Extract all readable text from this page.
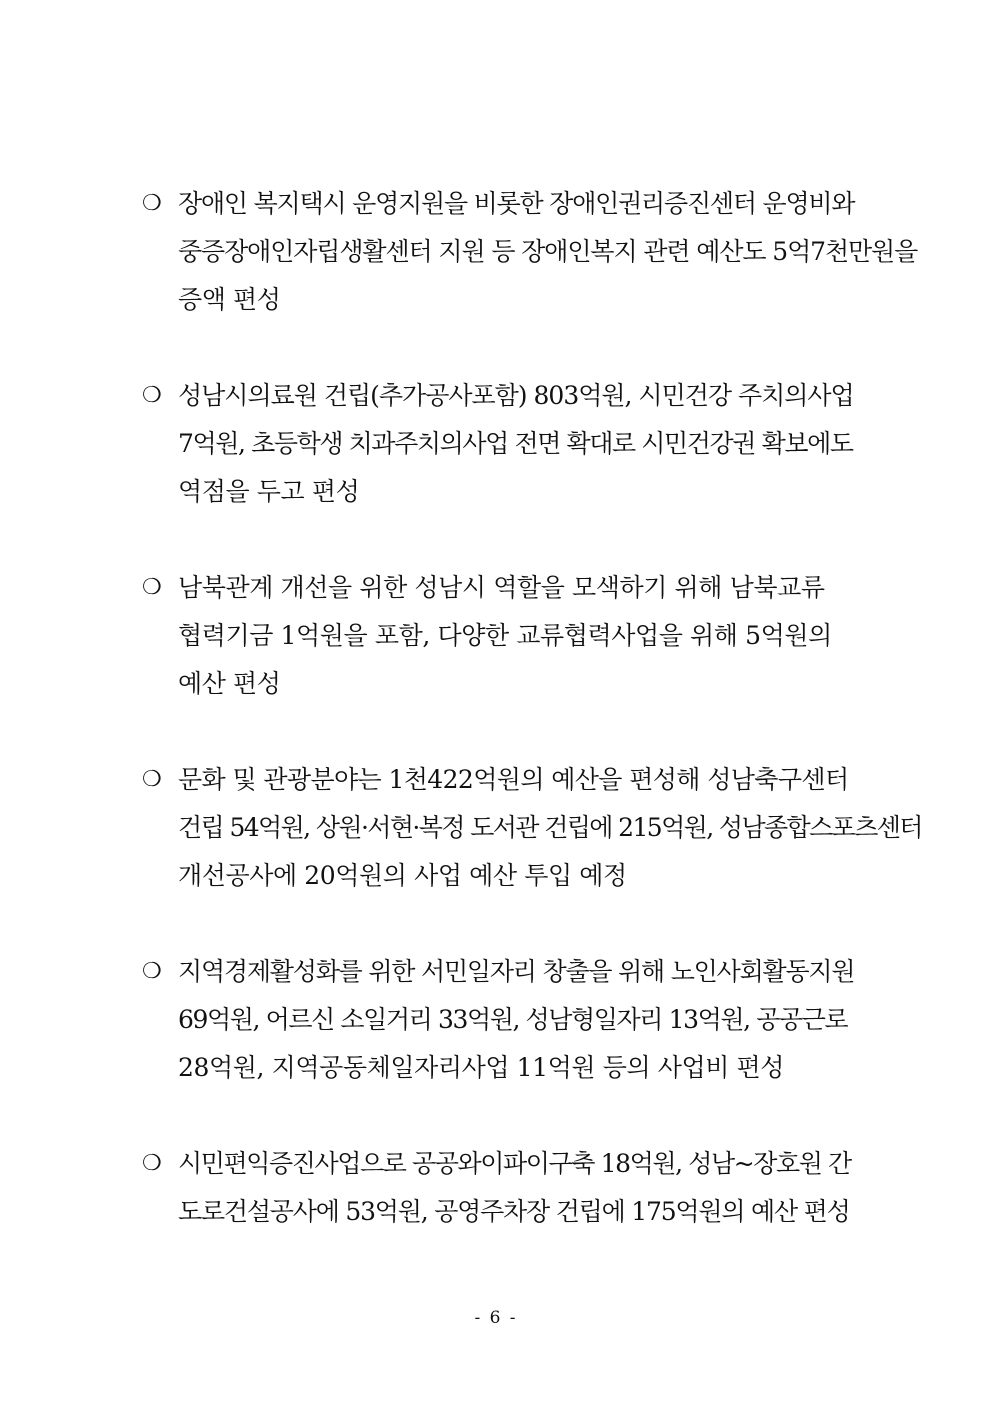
❍ 장애인 복지택시 운영지원을 비롯한 장애인권리증진센터 운영비와
중증장애인자립생활센터 지원 등 장애인복지 관련 예산도 5억7천만원을
증액 편성
❍ 성남시의료원 건립(추가공사포함) 803억원, 시민건강 주치의사업
7억원, 초등학생 치과주치의사업 전면 확대로 시민건강권 확보에도
역점을 두고 편성
❍ 남북관계 개선을 위한 성남시 역할을 모색하기 위해 남북교류
협력기금 1억원을 포함, 다양한 교류협력사업을 위해 5억원의
예산 편성
❍ 문화 및 관광분야는 1천422억원의 예산을 편성해 성남축구센터
건립 54억원, 상원·서현·복정 도서관 건립에 215억원, 성남종합스포츠센터
개선공사에 20억원의 사업 예산 투입 예정
❍ 지역경제활성화를 위한 서민일자리 창출을 위해 노인사회활동지원
69억원, 어르신 소일거리 33억원, 성남형일자리 13억원, 공공근로
28억원, 지역공동체일자리사업 11억원 등의 사업비 편성
❍ 시민편익증진사업으로 공공와이파이구축 18억원, 성남~장호원 간
도로건설공사에 53억원, 공영주차장 건립에 175억원의 예산 편성
- 6 -
